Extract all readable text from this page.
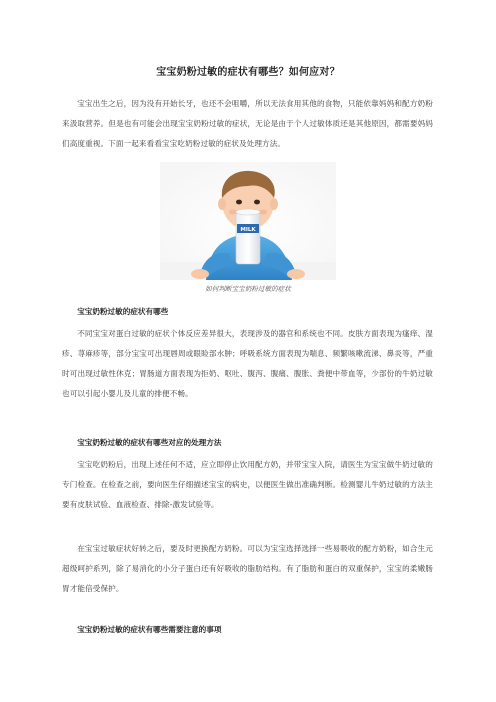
宝宝奶粉过敏的症状有哪些？如何应对？

宝宝出生之后，因为没有开始长牙，也还不会咀嚼，所以无法食用其他的食物，只能依靠妈妈和配方奶粉来汲取营养。但是也有可能会出现宝宝奶粉过敏的症状，无论是由于个人过敏体质还是其他原因，都需要妈妈们高度重视。下面一起来看看宝宝吃奶粉过敏的症状及处理方法。

MILK
如何判断宝宝奶粉过敏的症状

宝宝奶粉过敏的症状有哪些

不同宝宝对蛋白过敏的症状个体反应差异很大，表现涉及的器官和系统也不同。皮肤方面表现为瘙痒、湿疹、荨麻疹等，部分宝宝可出现唇周或眼睑部水肿；呼吸系统方面表现为喘息、频繁咳嗽流涕、鼻炎等，严重时可出现过敏性休克；胃肠道方面表现为拒奶、呕吐、腹泻、腹痛、腹胀、粪便中带血等，少部份的牛奶过敏也可以引起小婴儿及儿童的排便不畅。

宝宝奶粉过敏的症状有哪些对应的处理方法

宝宝吃奶粉后，出现上述任何不适，应立即停止饮用配方奶，并带宝宝入院，请医生为宝宝做牛奶过敏的专门检查。在检查之前，要向医生仔细描述宝宝的病史，以便医生做出准确判断。检测婴儿牛奶过敏的方法主要有皮肤试验、血液检查、排除-激发试验等。

在宝宝过敏症状好转之后，要及时更换配方奶粉。可以为宝宝选择选择一些易吸收的配方奶粉，如合生元超级呵护系列，除了易消化的小分子蛋白还有好吸收的脂肪结构。有了脂肪和蛋白的双重保护，宝宝的柔嫩肠胃才能倍受保护。

宝宝奶粉过敏的症状有哪些需要注意的事项
